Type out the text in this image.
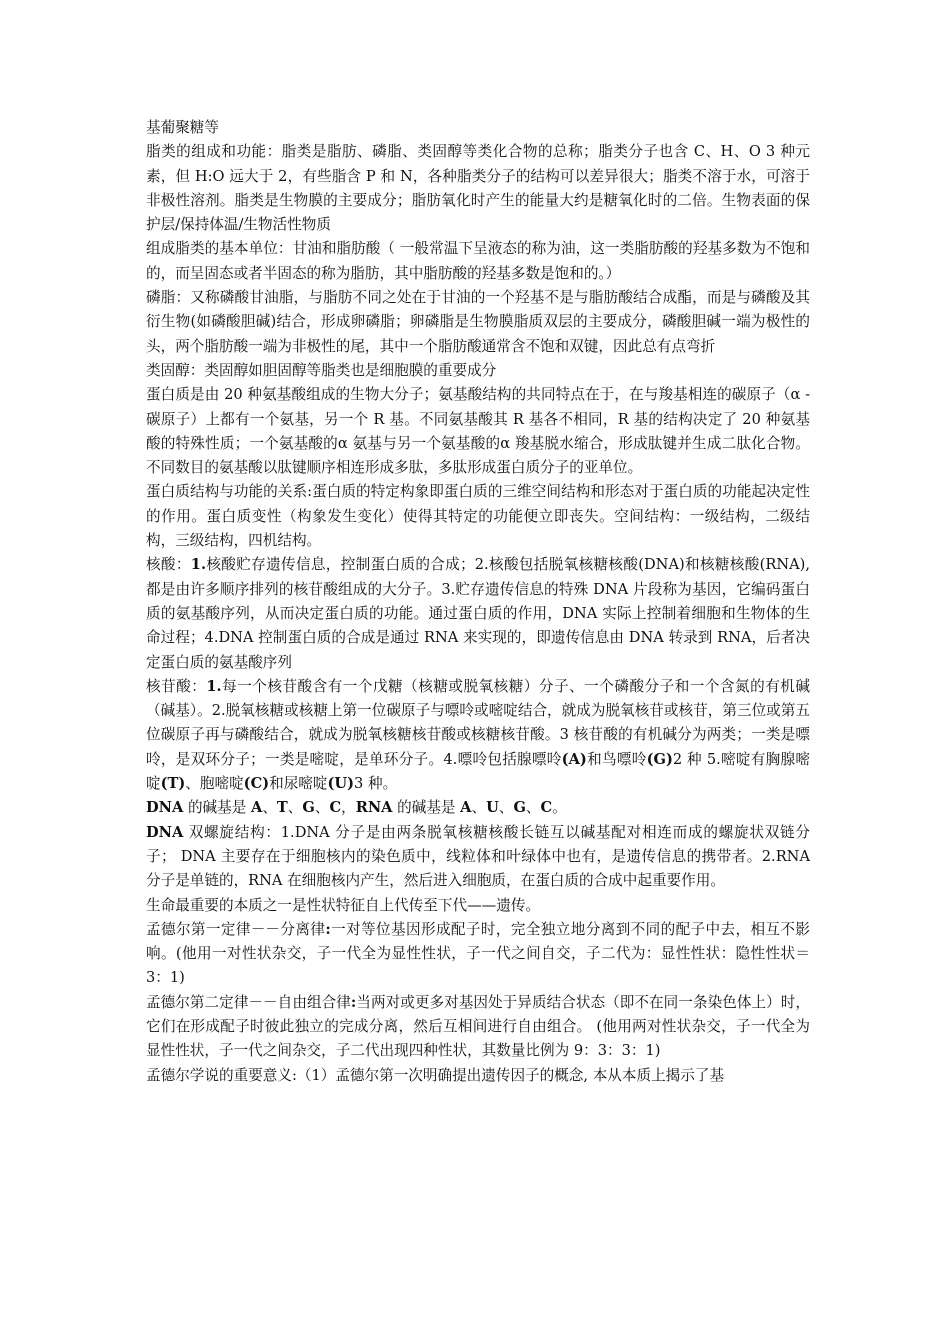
基葡聚糖等

脂类的组成和功能：脂类是脂肪、磷脂、类固醇等类化合物的总称；脂类分子也含 C、H、O 3 种元素，但 H:O 远大于 2，有些脂含 P 和 N，各种脂类分子的结构可以差异很大；脂类不溶于水，可溶于非极性溶剂。脂类是生物膜的主要成分；脂肪氧化时产生的能量大约是糖氧化时的二倍。生物表面的保护层/保持体温/生物活性物质

组成脂类的基本单位：甘油和脂肪酸（ 一般常温下呈液态的称为油，这一类脂肪酸的羟基多数为不饱和的，而呈固态或者半固态的称为脂肪，其中脂肪酸的羟基多数是饱和的。）

磷脂：又称磷酸甘油脂，与脂肪不同之处在于甘油的一个羟基不是与脂肪酸结合成酯，而是与磷酸及其衍生物(如磷酸胆碱)结合，形成卵磷脂；卵磷脂是生物膜脂质双层的主要成分，磷酸胆碱一端为极性的头，两个脂肪酸一端为非极性的尾，其中一个脂肪酸通常含不饱和双键，因此总有点弯折

类固醇：类固醇如胆固醇等脂类也是细胞膜的重要成分

蛋白质是由 20 种氨基酸组成的生物大分子；氨基酸结构的共同特点在于，在与羧基相连的碳原子（α -碳原子）上都有一个氨基，另一个 R 基。不同氨基酸其 R 基各不相同，R 基的结构决定了 20 种氨基酸的特殊性质；一个氨基酸的α 氨基与另一个氨基酸的α 羧基脱水缩合，形成肽键并生成二肽化合物。不同数目的氨基酸以肽键顺序相连形成多肽，多肽形成蛋白质分子的亚单位。

蛋白质结构与功能的关系:蛋白质的特定构象即蛋白质的三维空间结构和形态对于蛋白质的功能起决定性的作用。蛋白质变性（构象发生变化）使得其特定的功能便立即丧失。空间结构：一级结构，二级结构，三级结构，四机结构。

核酸：1.核酸贮存遗传信息，控制蛋白质的合成；2.核酸包括脱氧核糖核酸(DNA)和核糖核酸(RNA),都是由许多顺序排列的核苷酸组成的大分子。3.贮存遗传信息的特殊 DNA 片段称为基因，它编码蛋白质的氨基酸序列，从而决定蛋白质的功能。通过蛋白质的作用，DNA 实际上控制着细胞和生物体的生命过程；4.DNA 控制蛋白质的合成是通过 RNA 来实现的，即遗传信息由 DNA 转录到 RNA，后者决定蛋白质的氨基酸序列

核苷酸：1.每一个核苷酸含有一个戊糖（核糖或脱氧核糖）分子、一个磷酸分子和一个含氮的有机碱（碱基）。2.脱氧核糖或核糖上第一位碳原子与嘌呤或嘧啶结合，就成为脱氧核苷或核苷，第三位或第五位碳原子再与磷酸结合，就成为脱氧核糖核苷酸或核糖核苷酸。3 核苷酸的有机碱分为两类；一类是嘌呤，是双环分子；一类是嘧啶，是单环分子。4.嘌呤包括腺嘌呤(A)和鸟嘌呤(G)2 种 5.嘧啶有胸腺嘧啶(T)、胞嘧啶(C)和尿嘧啶(U)3 种。

DNA 的碱基是 A、T、G、C，RNA 的碱基是 A、U、G、C。

DNA 双螺旋结构：1.DNA 分子是由两条脱氧核糖核酸长链互以碱基配对相连而成的螺旋状双链分子； DNA 主要存在于细胞核内的染色质中，线粒体和叶绿体中也有，是遗传信息的携带者。2.RNA 分子是单链的，RNA 在细胞核内产生，然后进入细胞质，在蛋白质的合成中起重要作用。

生命最重要的本质之一是性状特征自上代传至下代——遗传。

孟德尔第一定律－－分离律:一对等位基因形成配子时，完全独立地分离到不同的配子中去，相互不影响。(他用一对性状杂交，子一代全为显性性状，子一代之间自交，子二代为：显性性状：隐性性状＝3：1)

孟德尔第二定律－－自由组合律:当两对或更多对基因处于异质结合状态（即不在同一条染色体上）时，它们在形成配子时彼此独立的完成分离，然后互相间进行自由组合。 (他用两对性状杂交，子一代全为显性性状，子一代之间杂交，子二代出现四种性状，其数量比例为 9：3：3：1)

孟德尔学说的重要意义:（1）孟德尔第一次明确提出遗传因子的概念, 本从本质上揭示了基
